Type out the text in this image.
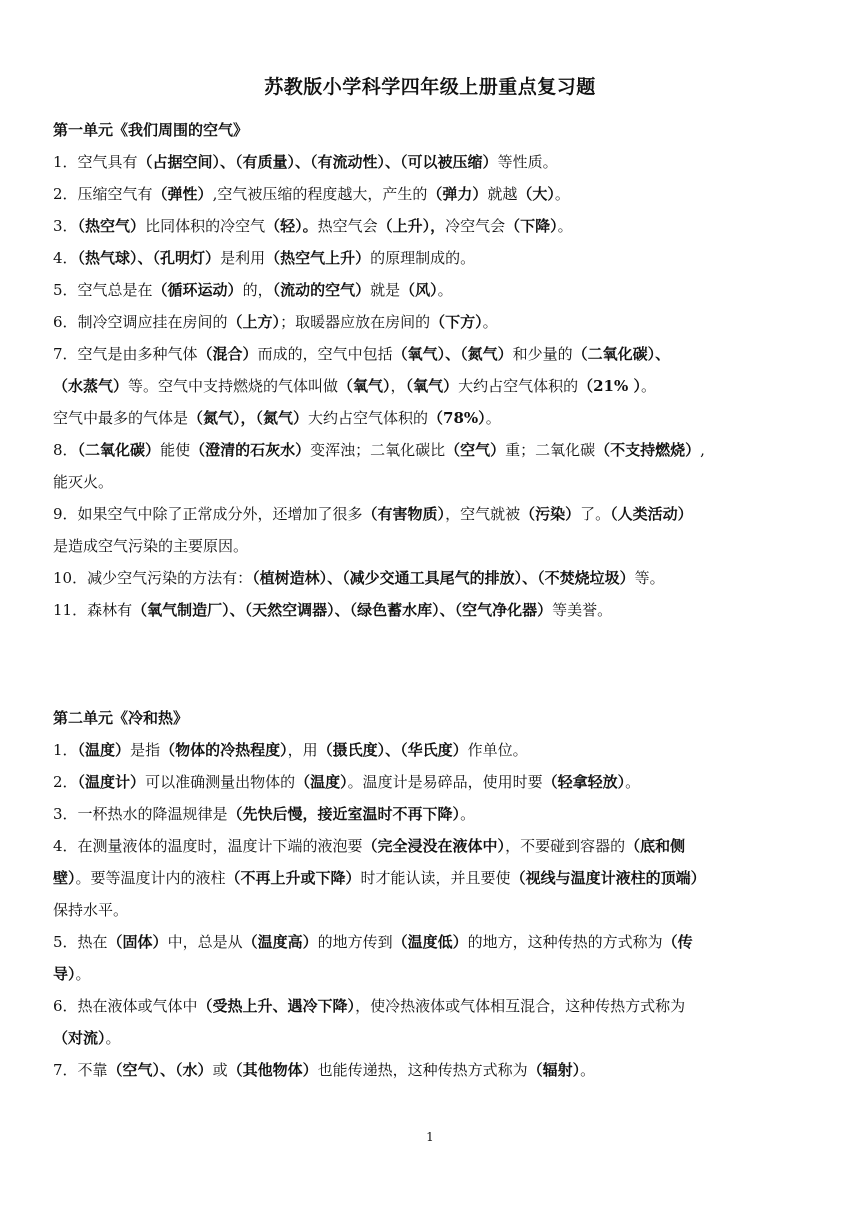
苏教版小学科学四年级上册重点复习题
第一单元《我们周围的空气》
1．空气具有（占据空间）、（有质量）、（有流动性）、（可以被压缩）等性质。
2．压缩空气有（弹性）,空气被压缩的程度越大，产生的（弹力）就越（大）。
3．（热空气）比同体积的冷空气（轻）。热空气会（上升），冷空气会（下降）。
4．（热气球）、（孔明灯）是利用（热空气上升）的原理制成的。
5．空气总是在（循环运动）的，（流动的空气）就是（风）。
6．制冷空调应挂在房间的（上方）；取暖器应放在房间的（下方）。
7．空气是由多种气体（混合）而成的，空气中包括（氧气）、（氮气）和少量的（二氧化碳）、
（水蒸气）等。空气中支持燃烧的气体叫做（氧气），（氧气）大约占空气体积的（21% ）。
空气中最多的气体是（氮气），（氮气）大约占空气体积的（78%）。
8．（二氧化碳）能使（澄清的石灰水）变浑浊；二氧化碳比（空气）重；二氧化碳（不支持燃烧）,
能灭火。
9．如果空气中除了正常成分外，还增加了很多（有害物质），空气就被（污染）了。（人类活动）
是造成空气污染的主要原因。
10．减少空气污染的方法有：（植树造林）、（减少交通工具尾气的排放）、（不焚烧垃圾）等。
11．森林有（氧气制造厂）、（天然空调器）、（绿色蓄水库）、（空气净化器）等美誉。
第二单元《冷和热》
1．（温度）是指（物体的冷热程度），用（摄氏度）、（华氏度）作单位。
2．（温度计）可以准确测量出物体的（温度）。温度计是易碎品，使用时要（轻拿轻放）。
3．一杯热水的降温规律是（先快后慢，接近室温时不再下降）。
4．在测量液体的温度时，温度计下端的液泡要（完全浸没在液体中），不要碰到容器的（底和侧
壁）。要等温度计内的液柱（不再上升或下降）时才能认读，并且要使（视线与温度计液柱的顶端）
保持水平。
5．热在（固体）中，总是从（温度高）的地方传到（温度低）的地方，这种传热的方式称为（传
导）。
6．热在液体或气体中（受热上升、遇冷下降），使冷热液体或气体相互混合，这种传热方式称为
（对流）。
7．不靠（空气）、（水）或（其他物体）也能传递热，这种传热方式称为（辐射）。
1
